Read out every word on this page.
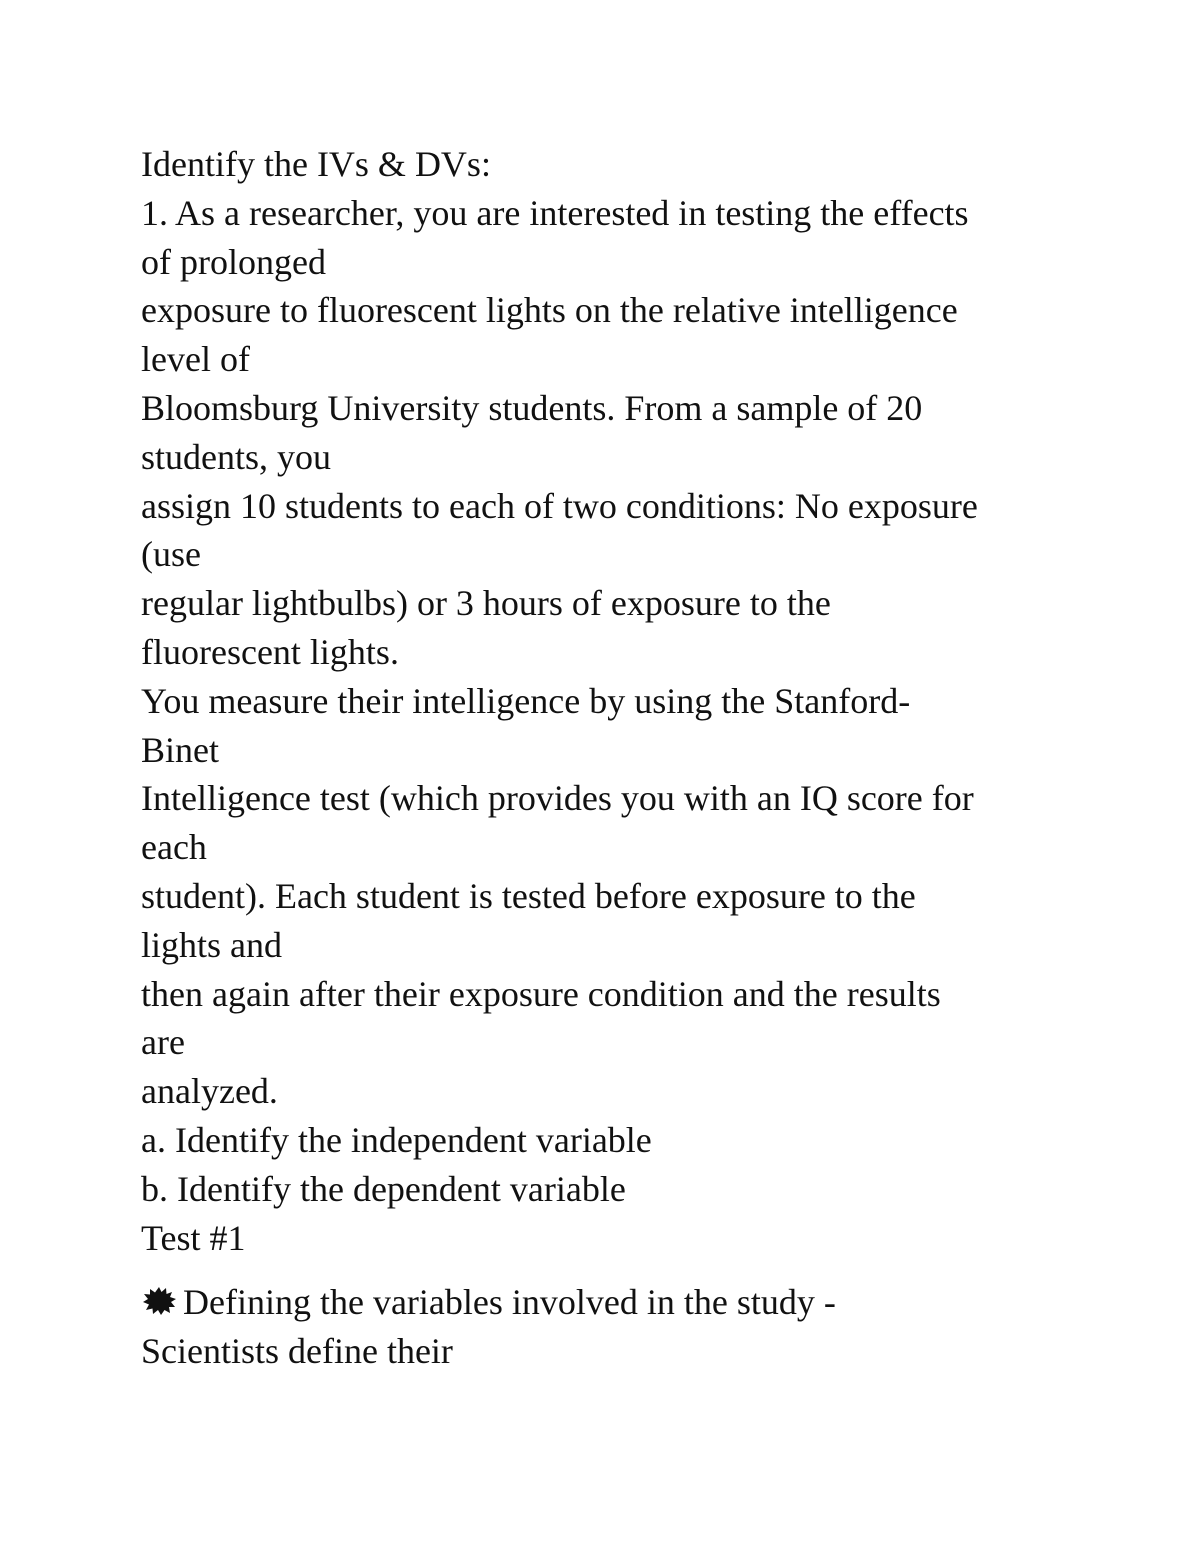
Identify the IVs & DVs:
1. As a researcher, you are interested in testing the effects
of prolonged
exposure to fluorescent lights on the relative intelligence
level of
Bloomsburg University students. From a sample of 20
students, you
assign 10 students to each of two conditions: No exposure
(use
regular lightbulbs) or 3 hours of exposure to the
fluorescent lights.
You measure their intelligence by using the Stanford-
Binet
Intelligence test (which provides you with an IQ score for
each
student). Each student is tested before exposure to the
lights and
then again after their exposure condition and the results
are
analyzed.
a. Identify the independent variable
b. Identify the dependent variable
Test #1
Defining the variables involved in the study -
Scientists define their
